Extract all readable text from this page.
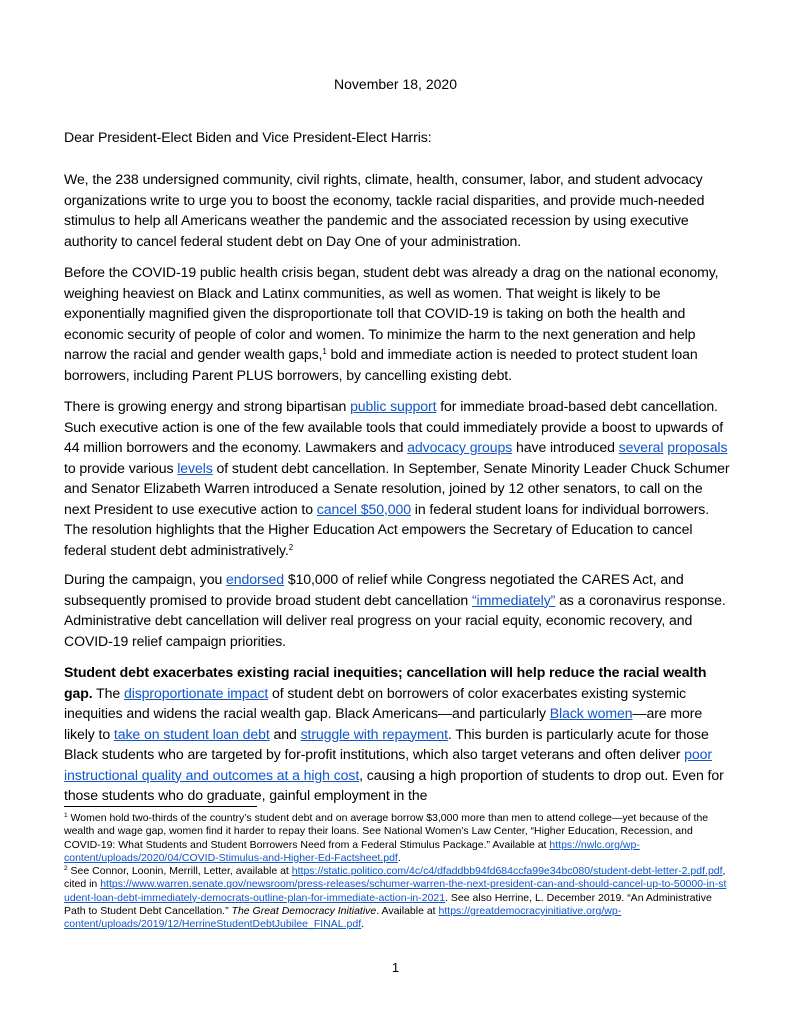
November 18, 2020
Dear President-Elect Biden and Vice President-Elect Harris:

We, the 238 undersigned community, civil rights, climate, health, consumer, labor, and student advocacy organizations write to urge you to boost the economy, tackle racial disparities, and provide much-needed stimulus to help all Americans weather the pandemic and the associated recession by using executive authority to cancel federal student debt on Day One of your administration.

Before the COVID-19 public health crisis began, student debt was already a drag on the national economy, weighing heaviest on Black and Latinx communities, as well as women. That weight is likely to be exponentially magnified given the disproportionate toll that COVID-19 is taking on both the health and economic security of people of color and women. To minimize the harm to the next generation and help narrow the racial and gender wealth gaps,$^1$ bold and immediate action is needed to protect student loan borrowers, including Parent PLUS borrowers, by cancelling existing debt.

There is growing energy and strong bipartisan public support for immediate broad-based debt cancellation. Such executive action is one of the few available tools that could immediately provide a boost to upwards of 44 million borrowers and the economy. Lawmakers and advocacy groups have introduced several proposals to provide various levels of student debt cancellation. In September, Senate Minority Leader Chuck Schumer and Senator Elizabeth Warren introduced a Senate resolution, joined by 12 other senators, to call on the next President to use executive action to cancel $50,000 in federal student loans for individual borrowers. The resolution highlights that the Higher Education Act empowers the Secretary of Education to cancel federal student debt administratively.$^2$

During the campaign, you endorsed $10,000 of relief while Congress negotiated the CARES Act, and subsequently promised to provide broad student debt cancellation “immediately” as a coronavirus response. Administrative debt cancellation will deliver real progress on your racial equity, economic recovery, and COVID-19 relief campaign priorities.

Student debt exacerbates existing racial inequities; cancellation will help reduce the racial wealth gap. The disproportionate impact of student debt on borrowers of color exacerbates existing systemic inequities and widens the racial wealth gap. Black Americans—and particularly Black women—are more likely to take on student loan debt and struggle with repayment. This burden is particularly acute for those Black students who are targeted by for-profit institutions, which also target veterans and often deliver poor instructional quality and outcomes at a high cost, causing a high proportion of students to drop out. Even for those students who do graduate, gainful employment in the

$^1$ Women hold two-thirds of the country’s student debt and on average borrow $3,000 more than men to attend college—yet because of the wealth and wage gap, women find it harder to repay their loans. See National Women’s Law Center, “Higher Education, Recession, and COVID-19: What Students and Student Borrowers Need from a Federal Stimulus Package.” Available at https://nwlc.org/wp-content/uploads/2020/04/COVID-Stimulus-and-Higher-Ed-Factsheet.pdf.

$^2$ See Connor, Loonin, Merrill, Letter, available at https://static.politico.com/4c/c4/dfaddbb94fd684ccfa99e34bc080/student-debt-letter-2.pdf.pdf, cited in https://www.warren.senate.gov/newsroom/press-releases/schumer-warren-the-next-president-can-and-should-cancel-up-to-50000-in-student-loan-debt-immediately-democrats-outline-plan-for-immediate-action-in-2021. See also Herrine, L. December 2019. “An Administrative Path to Student Debt Cancellation.” The Great Democracy Initiative. Available at https://greatdemocracyinitiative.org/wp-content/uploads/2019/12/HerrineStudentDebtJubilee_FINAL.pdf.

1
